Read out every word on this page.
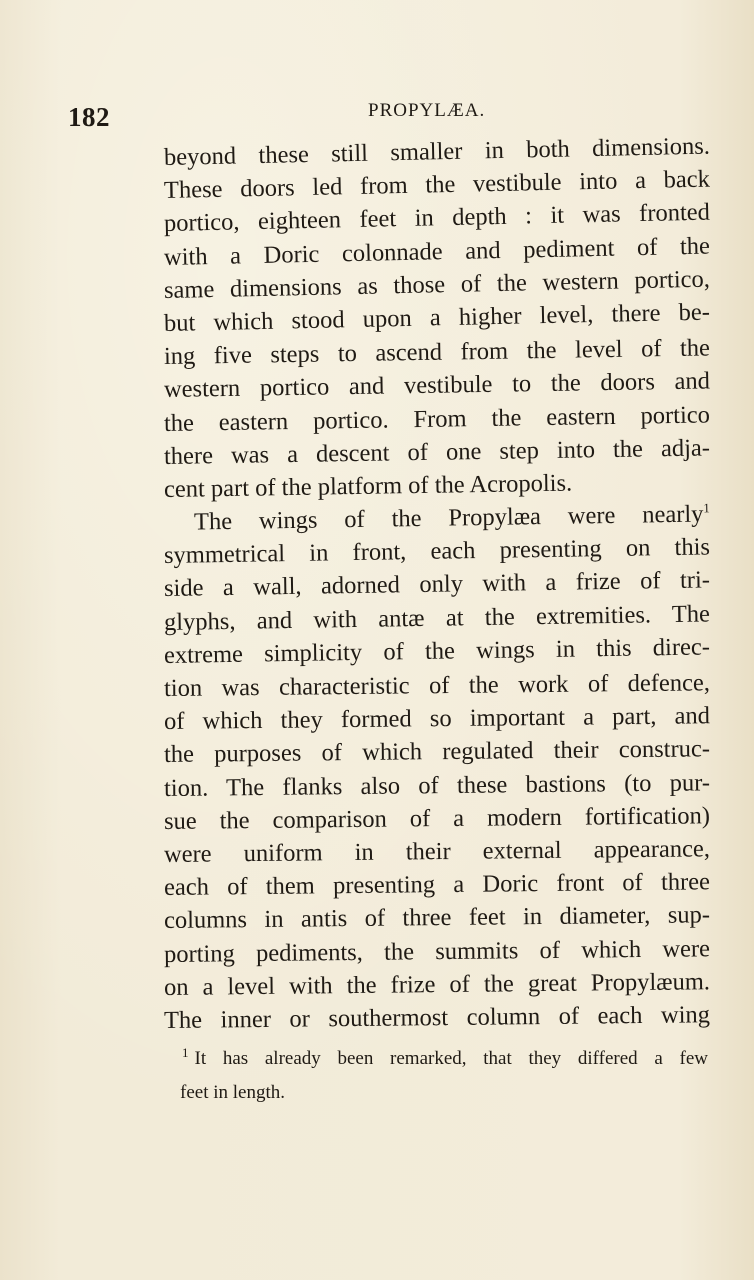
182	PROPYLÆA.
beyond these still smaller in both dimensions.
These doors led from the vestibule into a back
portico, eighteen feet in depth : it was fronted
with a Doric colonnade and pediment of the
same dimensions as those of the western portico,
but which stood upon a higher level, there be-
ing five steps to ascend from the level of the
western portico and vestibule to the doors and
the eastern portico. From the eastern portico
there was a descent of one step into the adja-
cent part of the platform of the Acropolis.
The wings of the Propylæa were nearly$^1$
symmetrical in front, each presenting on this
side a wall, adorned only with a frize of tri-
glyphs, and with antæ at the extremities. The
extreme simplicity of the wings in this direc-
tion was characteristic of the work of defence,
of which they formed so important a part, and
the purposes of which regulated their construc-
tion. The flanks also of these bastions (to pur-
sue the comparison of a modern fortification)
were uniform in their external appearance,
each of them presenting a Doric front of three
columns in antis of three feet in diameter, sup-
porting pediments, the summits of which were
on a level with the frize of the great Propylæum.
The inner or southermost column of each wing
$^1$ It has already been remarked, that they differed a few
feet in length.
